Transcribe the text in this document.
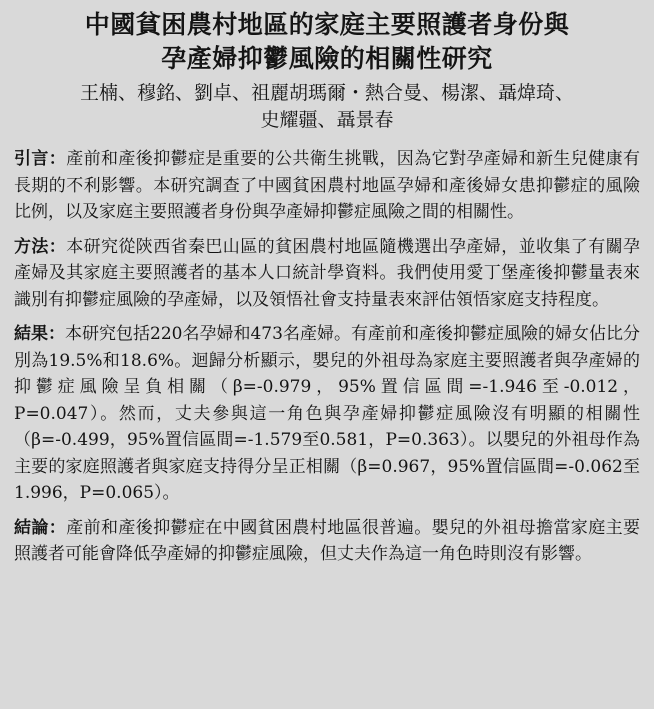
中國貧困農村地區的家庭主要照護者身份與
孕產婦抑鬱風險的相關性研究
王楠、穆銘、劉卓、祖麗胡瑪爾・熱合曼、楊潔、聶煒琦、
史耀疆、聶景春

引言：產前和產後抑鬱症是重要的公共衛生挑戰，因為它對孕產婦和新生兒健康有長期的不利影響。本研究調查了中國貧困農村地區孕婦和產後婦女患抑鬱症的風險比例，以及家庭主要照護者身份與孕產婦抑鬱症風險之間的相關性。

方法：本研究從陝西省秦巴山區的貧困農村地區隨機選出孕產婦，並收集了有關孕產婦及其家庭主要照護者的基本人口統計學資料。我們使用愛丁堡產後抑鬱量表來識別有抑鬱症風險的孕產婦，以及領悟社會支持量表來評估領悟家庭支持程度。

結果：本研究包括220名孕婦和473名產婦。有產前和產後抑鬱症風險的婦女佔比分別為19.5%和18.6%。迴歸分析顯示，嬰兒的外祖母為家庭主要照護者與孕產婦的抑鬱症風險呈負相關（β=-0.979，95%置信區間=-1.946至-0.012，P=0.047）。然而，丈夫參與這一角色與孕產婦抑鬱症風險沒有明顯的相關性（β=-0.499，95%置信區間=-1.579至0.581，P=0.363）。以嬰兒的外祖母作為主要的家庭照護者與家庭支持得分呈正相關（β=0.967，95%置信區間=-0.062至1.996，P=0.065）。

結論：產前和產後抑鬱症在中國貧困農村地區很普遍。嬰兒的外祖母擔當家庭主要照護者可能會降低孕產婦的抑鬱症風險，但丈夫作為這一角色時則沒有影響。
